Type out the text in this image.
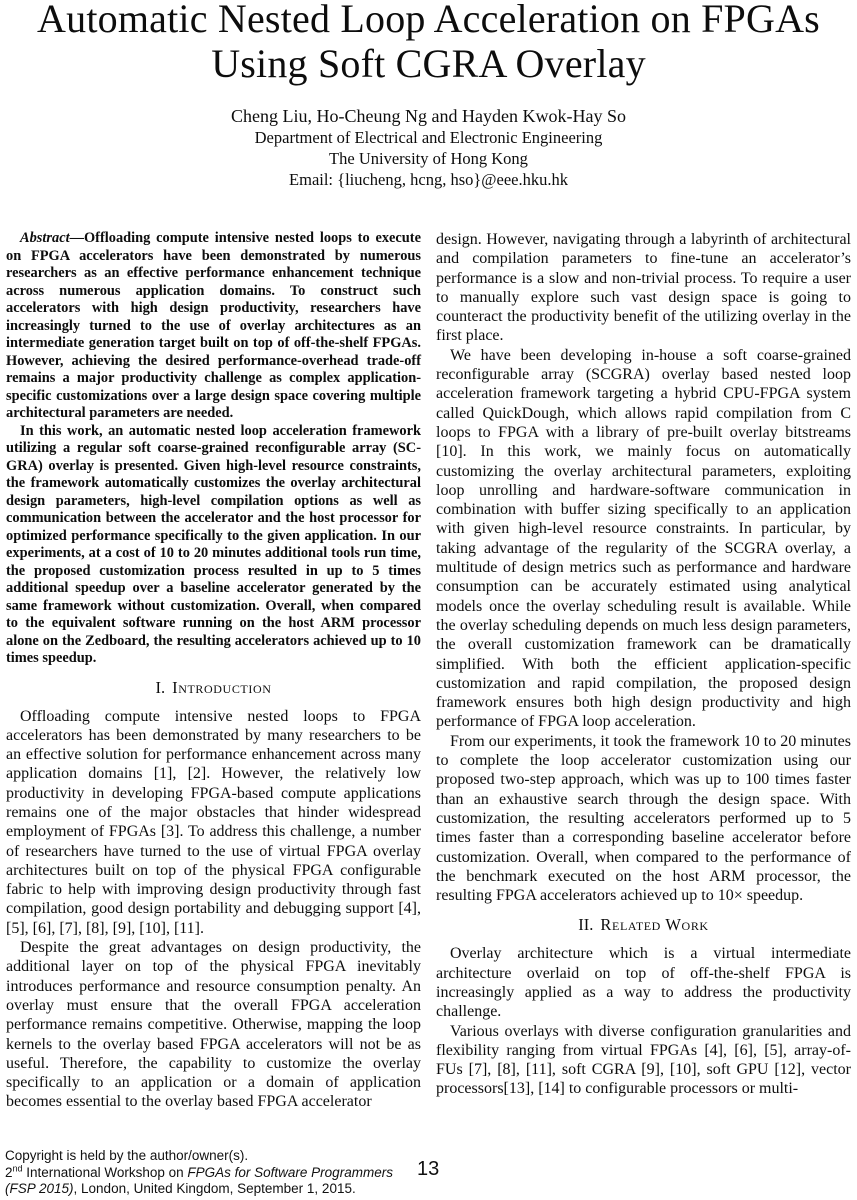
Automatic Nested Loop Acceleration on FPGAs
Using Soft CGRA Overlay
Cheng Liu, Ho-Cheung Ng and Hayden Kwok-Hay So
Department of Electrical and Electronic Engineering
The University of Hong Kong
Email: {liucheng, hcng, hso}@eee.hku.hk

Abstract—Offloading compute intensive nested loops to execute on FPGA accelerators have been demonstrated by numerous researchers as an effective performance enhancement technique across numerous application domains. To construct such accelerators with high design productivity, researchers have increasingly turned to the use of overlay architectures as an intermediate generation target built on top of off-the-shelf FPGAs. However, achieving the desired performance-overhead trade-off remains a major productivity challenge as complex application-specific customizations over a large design space covering multiple architectural parameters are needed.

In this work, an automatic nested loop acceleration framework utilizing a regular soft coarse-grained reconfigurable array (SC-GRA) overlay is presented. Given high-level resource constraints, the framework automatically customizes the overlay architectural design parameters, high-level compilation options as well as communication between the accelerator and the host processor for optimized performance specifically to the given application. In our experiments, at a cost of 10 to 20 minutes additional tools run time, the proposed customization process resulted in up to 5 times additional speedup over a baseline accelerator generated by the same framework without customization. Overall, when compared to the equivalent software running on the host ARM processor alone on the Zedboard, the resulting accelerators achieved up to 10 times speedup.

I. Introduction

Offloading compute intensive nested loops to FPGA accelerators has been demonstrated by many researchers to be an effective solution for performance enhancement across many application domains [1], [2]. However, the relatively low productivity in developing FPGA-based compute applications remains one of the major obstacles that hinder widespread employment of FPGAs [3]. To address this challenge, a number of researchers have turned to the use of virtual FPGA overlay architectures built on top of the physical FPGA configurable fabric to help with improving design productivity through fast compilation, good design portability and debugging support [4], [5], [6], [7], [8], [9], [10], [11].

Despite the great advantages on design productivity, the additional layer on top of the physical FPGA inevitably introduces performance and resource consumption penalty. An overlay must ensure that the overall FPGA acceleration performance remains competitive. Otherwise, mapping the loop kernels to the overlay based FPGA accelerators will not be as useful. Therefore, the capability to customize the overlay specifically to an application or a domain of application becomes essential to the overlay based FPGA accelerator

design. However, navigating through a labyrinth of architectural and compilation parameters to fine-tune an accelerator’s performance is a slow and non-trivial process. To require a user to manually explore such vast design space is going to counteract the productivity benefit of the utilizing overlay in the first place.

We have been developing in-house a soft coarse-grained reconfigurable array (SCGRA) overlay based nested loop acceleration framework targeting a hybrid CPU-FPGA system called QuickDough, which allows rapid compilation from C loops to FPGA with a library of pre-built overlay bitstreams [10]. In this work, we mainly focus on automatically customizing the overlay architectural parameters, exploiting loop unrolling and hardware-software communication in combination with buffer sizing specifically to an application with given high-level resource constraints. In particular, by taking advantage of the regularity of the SCGRA overlay, a multitude of design metrics such as performance and hardware consumption can be accurately estimated using analytical models once the overlay scheduling result is available. While the overlay scheduling depends on much less design parameters, the overall customization framework can be dramatically simplified. With both the efficient application-specific customization and rapid compilation, the proposed design framework ensures both high design productivity and high performance of FPGA loop acceleration.

From our experiments, it took the framework 10 to 20 minutes to complete the loop accelerator customization using our proposed two-step approach, which was up to 100 times faster than an exhaustive search through the design space. With customization, the resulting accelerators performed up to 5 times faster than a corresponding baseline accelerator before customization. Overall, when compared to the performance of the benchmark executed on the host ARM processor, the resulting FPGA accelerators achieved up to 10× speedup.

II. Related Work

Overlay architecture which is a virtual intermediate architecture overlaid on top of off-the-shelf FPGA is increasingly applied as a way to address the productivity challenge.

Various overlays with diverse configuration granularities and flexibility ranging from virtual FPGAs [4], [6], [5], array-of-FUs [7], [8], [11], soft CGRA [9], [10], soft GPU [12], vector processors[13], [14] to configurable processors or multi-

Copyright is held by the author/owner(s).
2nd International Workshop on FPGAs for Software Programmers
(FSP 2015), London, United Kingdom, September 1, 2015.
13
